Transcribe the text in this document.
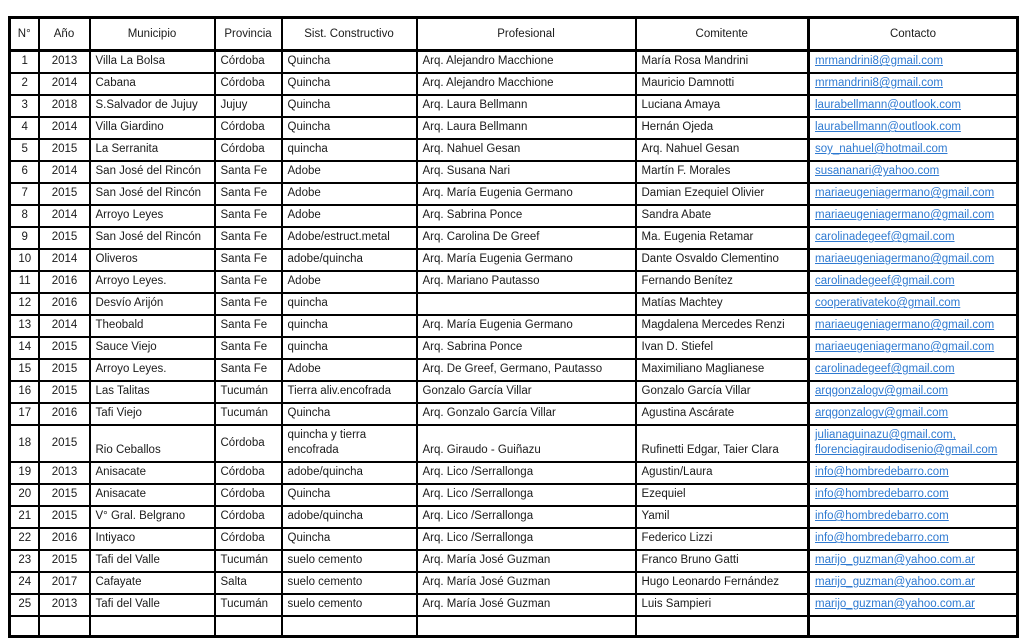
N°	Año	Municipio	Provincia	Sist. Constructivo	Profesional	Comitente	Contacto
1	2013	Villa La Bolsa	Córdoba	Quincha	Arq. Alejandro Macchione	María Rosa Mandrini	mrmandrini8@gmail.com

2	2014	Cabana	Córdoba	Quincha	Arq. Alejandro Macchione	Mauricio Damnotti	mrmandrini8@gmail.com

3	2018	S.Salvador de Jujuy	Jujuy	Quincha	Arq. Laura Bellmann	Luciana Amaya	laurabellmann@outlook.com

4	2014	Villa Giardino	Córdoba	Quincha	Arq. Laura Bellmann	Hernán Ojeda	laurabellmann@outlook.com

5	2015	La Serranita	Córdoba	quincha	Arq. Nahuel Gesan	Arq. Nahuel Gesan	soy_nahuel@hotmail.com

6	2014	San José del Rincón	Santa Fe	Adobe	Arq. Susana Nari	Martín F. Morales	susananari@yahoo.com

7	2015	San José del Rincón	Santa Fe	Adobe	Arq. María Eugenia Germano	Damian Ezequiel Olivier	mariaeugeniagermano@gmail.com

8	2014	Arroyo Leyes	Santa Fe	Adobe	Arq. Sabrina Ponce	Sandra Abate	mariaeugeniagermano@gmail.com

9	2015	San José del Rincón	Santa Fe	Adobe/estruct.metal	Arq. Carolina De Greef	Ma. Eugenia Retamar	carolinadegeef@gmail.com

10	2014	Oliveros	Santa Fe	adobe/quincha	Arq. María Eugenia Germano	Dante Osvaldo Clementino	mariaeugeniagermano@gmail.com

11	2016	Arroyo Leyes.	Santa Fe	Adobe	Arq. Mariano Pautasso	Fernando Benítez	carolinadegeef@gmail.com

12	2016	Desvío Arijón	Santa Fe	quincha		Matías Machtey	cooperativateko@gmail.com

13	2014	Theobald	Santa Fe	quincha	Arq. María Eugenia Germano	Magdalena Mercedes Renzi	mariaeugeniagermano@gmail.com

14	2015	Sauce Viejo	Santa Fe	quincha	Arq. Sabrina Ponce	Ivan D. Stiefel	mariaeugeniagermano@gmail.com

15	2015	Arroyo Leyes.	Santa Fe	Adobe	Arq. De Greef, Germano, Pautasso	Maximiliano Maglianese	carolinadegeef@gmail.com

16	2015	Las Talitas	Tucumán	Tierra aliv.encofrada	Gonzalo García Villar	Gonzalo García Villar	arqgonzalogv@gmail.com

17	2016	Tafi Viejo	Tucumán	Quincha	Arq. Gonzalo García Villar	Agustina Ascárate	arqgonzalogv@gmail.com

18	2015	Rio Ceballos	Córdoba	quincha y tierra encofrada	Arq. Giraudo - Guiñazu	Rufinetti Edgar, Taier Clara	julianaguinazu@gmail.com,
florenciagiraudodisenio@gmail.com

19	2013	Anisacate	Córdoba	adobe/quincha	Arq. Lico /Serrallonga	Agustin/Laura	info@hombredebarro.com

20	2015	Anisacate	Córdoba	Quincha	Arq. Lico /Serrallonga	Ezequiel	info@hombredebarro.com

21	2015	V° Gral. Belgrano	Córdoba	adobe/quincha	Arq. Lico /Serrallonga	Yamil	info@hombredebarro.com

22	2016	Intiyaco	Córdoba	Quincha	Arq. Lico /Serrallonga	Federico Lizzi	info@hombredebarro.com

23	2015	Tafi del Valle	Tucumán	suelo cemento	Arq. María José Guzman	Franco Bruno Gatti	marijo_guzman@yahoo.com.ar

24	2017	Cafayate	Salta	suelo cemento	Arq. María José Guzman	Hugo Leonardo Fernández	marijo_guzman@yahoo.com.ar

25	2013	Tafi del Valle	Tucumán	suelo cemento	Arq. María José Guzman	Luis Sampieri	marijo_guzman@yahoo.com.ar
